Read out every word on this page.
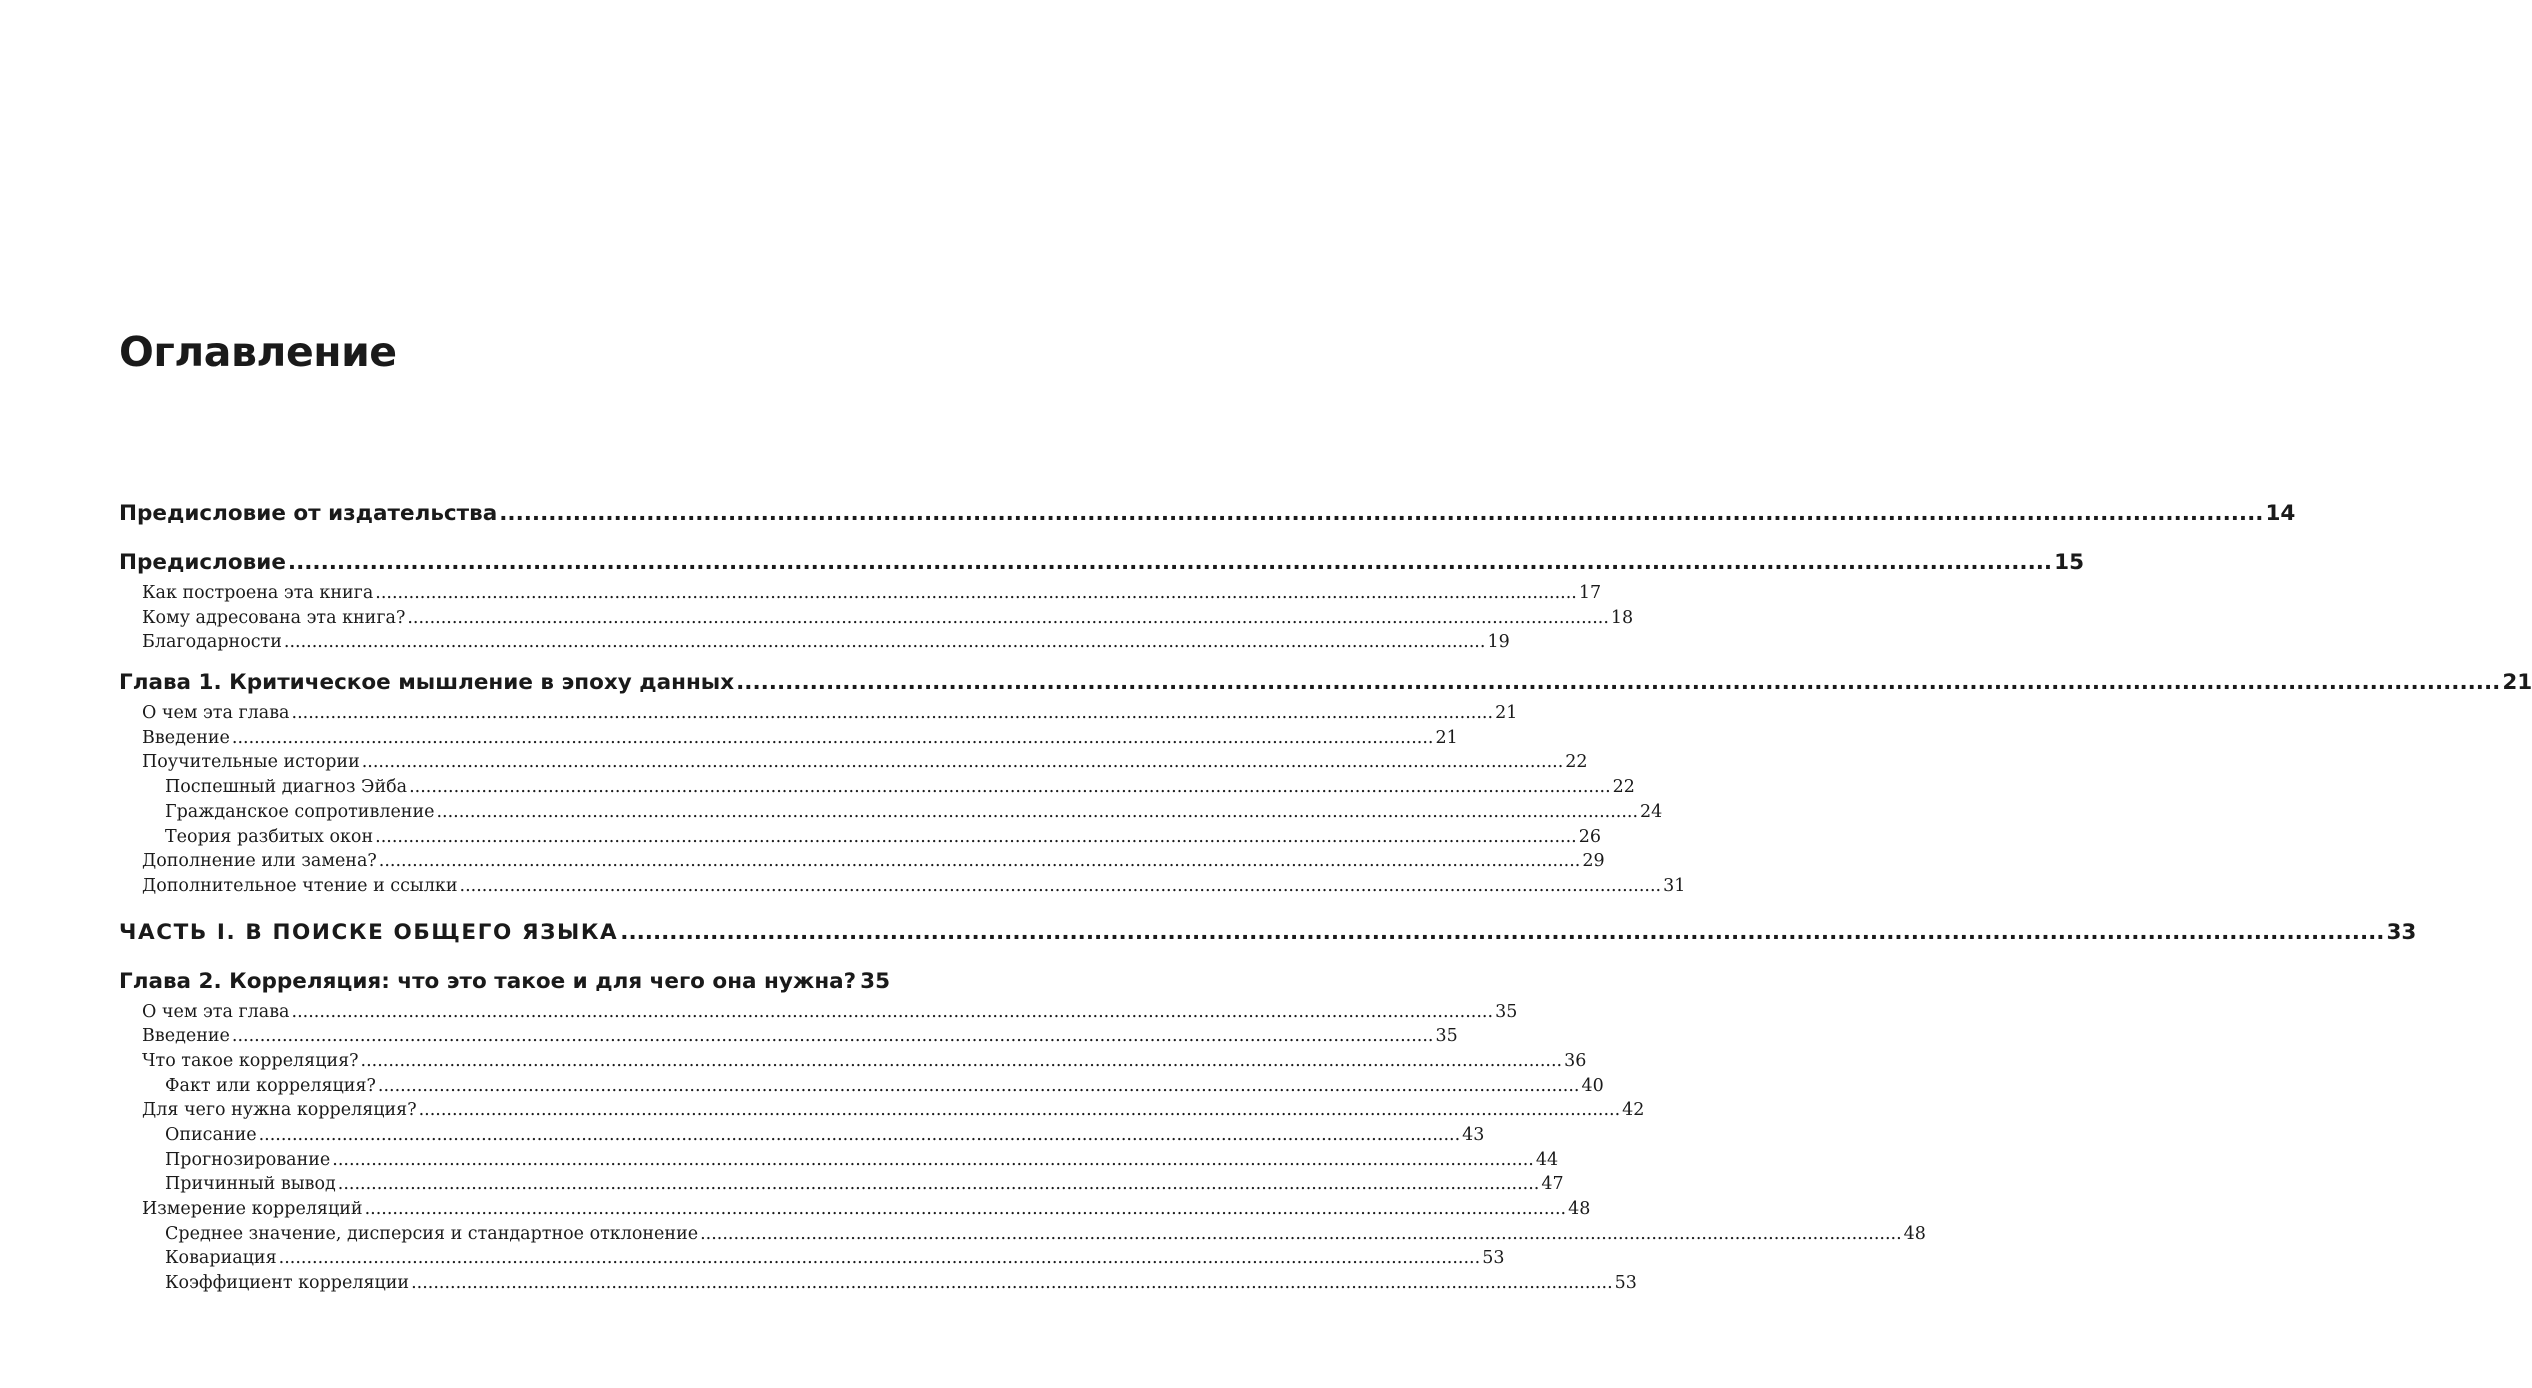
Оглавление
Предисловие от издательства ........................................................................................................................................................................................................................ 14
Предисловие ........................................................................................................................................................................................................................ 15
Как построена эта книга ........................................................................................................................................................................................................................ 17
Кому адресована эта книга? ........................................................................................................................................................................................................................ 18
Благодарности ........................................................................................................................................................................................................................ 19
Глава 1. Критическое мышление в эпоху данных ........................................................................................................................................................................................................................ 21
О чем эта глава ........................................................................................................................................................................................................................ 21
Введение ........................................................................................................................................................................................................................ 21
Поучительные истории ........................................................................................................................................................................................................................ 22
Поспешный диагноз Эйба ........................................................................................................................................................................................................................ 22
Гражданское сопротивление ........................................................................................................................................................................................................................ 24
Теория разбитых окон ........................................................................................................................................................................................................................ 26
Дополнение или замена? ........................................................................................................................................................................................................................ 29
Дополнительное чтение и ссылки ........................................................................................................................................................................................................................ 31
ЧАСТЬ I. В ПОИСКЕ ОБЩЕГО ЯЗЫКА ........................................................................................................................................................................................................................ 33
Глава 2. Корреляция: что это такое и для чего она нужна? 35
О чем эта глава ........................................................................................................................................................................................................................ 35
Введение ........................................................................................................................................................................................................................ 35
Что такое корреляция? ........................................................................................................................................................................................................................ 36
Факт или корреляция? ........................................................................................................................................................................................................................ 40
Для чего нужна корреляция? ........................................................................................................................................................................................................................ 42
Описание ........................................................................................................................................................................................................................ 43
Прогнозирование ........................................................................................................................................................................................................................ 44
Причинный вывод ........................................................................................................................................................................................................................ 47
Измерение корреляций ........................................................................................................................................................................................................................ 48
Среднее значение, дисперсия и стандартное отклонение ........................................................................................................................................................................................................................ 48
Ковариация ........................................................................................................................................................................................................................ 53
Коэффициент корреляции ........................................................................................................................................................................................................................ 53
